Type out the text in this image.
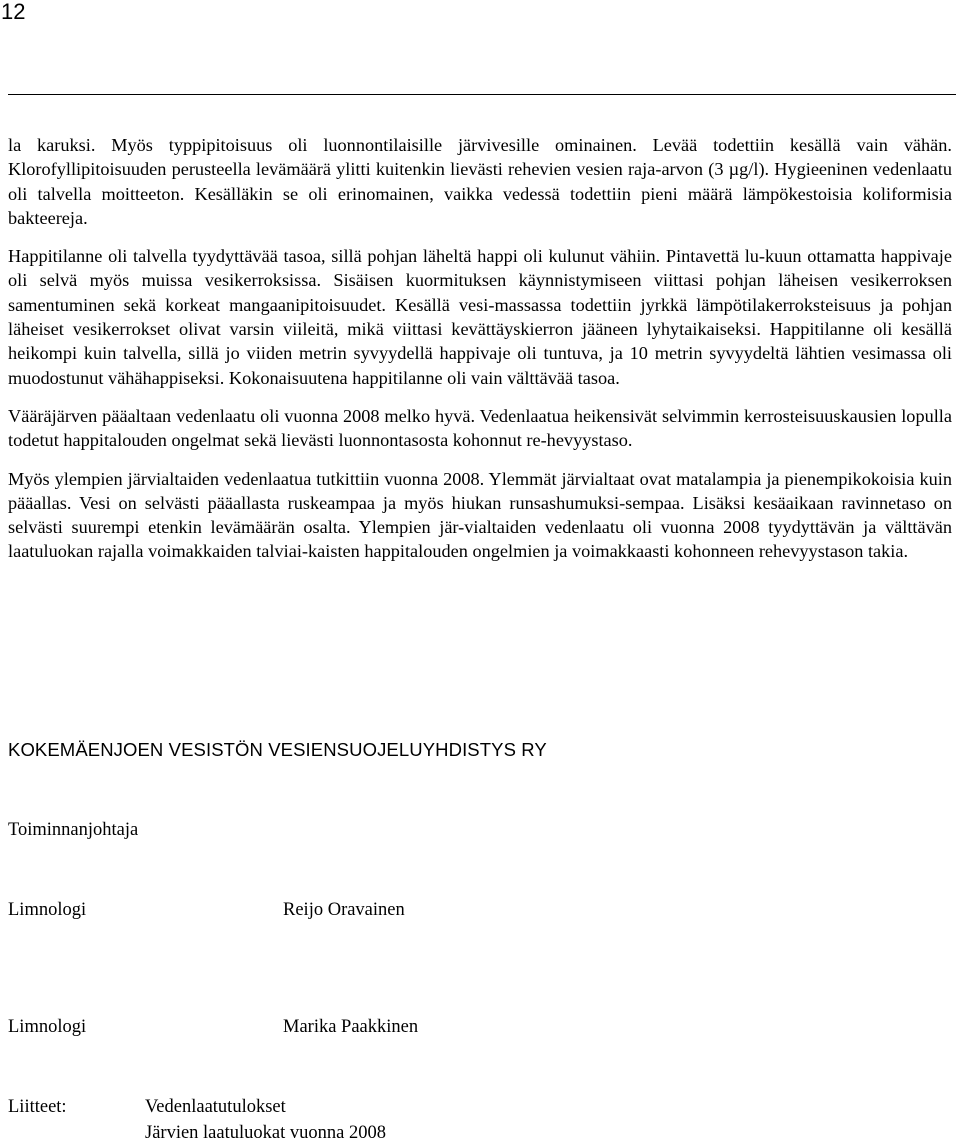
12

la karuksi. Myös typpipitoisuus oli luonnontilaisille järvivesille ominainen. Levää todettiin kesällä vain vähän. Klorofyllipitoisuuden perusteella levämäärä ylitti kuitenkin lievästi rehevien vesien raja-arvon (3 µg/l). Hygieeninen vedenlaatu oli talvella moitteeton. Kesälläkin se oli erinomainen, vaikka vedessä todettiin pieni määrä lämpökestoisia koliformisia bakteereja.

Happitilanne oli talvella tyydyttävää tasoa, sillä pohjan läheltä happi oli kulunut vähiin. Pintavettä lu-kuun ottamatta happivaje oli selvä myös muissa vesikerroksissa. Sisäisen kuormituksen käynnistymiseen viittasi pohjan läheisen vesikerroksen samentuminen sekä korkeat mangaanipitoisuudet. Kesällä vesi-massassa todettiin jyrkkä lämpötilakerroksteisuus ja pohjan läheiset vesikerrokset olivat varsin viileitä, mikä viittasi kevättäyskierron jääneen lyhytaikaiseksi. Happitilanne oli kesällä heikompi kuin talvella, sillä jo viiden metrin syvyydellä happivaje oli tuntuva, ja 10 metrin syvyydeltä lähtien vesimassa oli muodostunut vähähappiseksi. Kokonaisuutena happitilanne oli vain välttävää tasoa.

Vääräjärven pääaltaan vedenlaatu oli vuonna 2008 melko hyvä. Vedenlaatua heikensivät selvimmin kerrosteisuuskausien lopulla todetut happitalouden ongelmat sekä lievästi luonnontasosta kohonnut re-hevyystaso.

Myös ylempien järvialtaiden vedenlaatua tutkittiin vuonna 2008. Ylemmät järvialtaat ovat matalampia ja pienempikokoisia kuin pääallas. Vesi on selvästi pääallasta ruskeampaa ja myös hiukan runsashumuksi-sempaa. Lisäksi kesäaikaan ravinnetaso on selvästi suurempi etenkin levämäärän osalta. Ylempien jär-vialtaiden vedenlaatu oli vuonna 2008 tyydyttävän ja välttävän laatuluokan rajalla voimakkaiden talviai-kaisten happitalouden ongelmien ja voimakkaasti kohonneen rehevyystason takia.

KOKEMÄENJOEN VESISTÖN VESIENSUOJELUYHDISTYS RY
Toiminnanjohtaja
Limnologi	Reijo Oravainen
Limnologi	Marika Paakkinen
Liitteet:	Vedenlaatutulokset
Järvien laatuluokat vuonna 2008
